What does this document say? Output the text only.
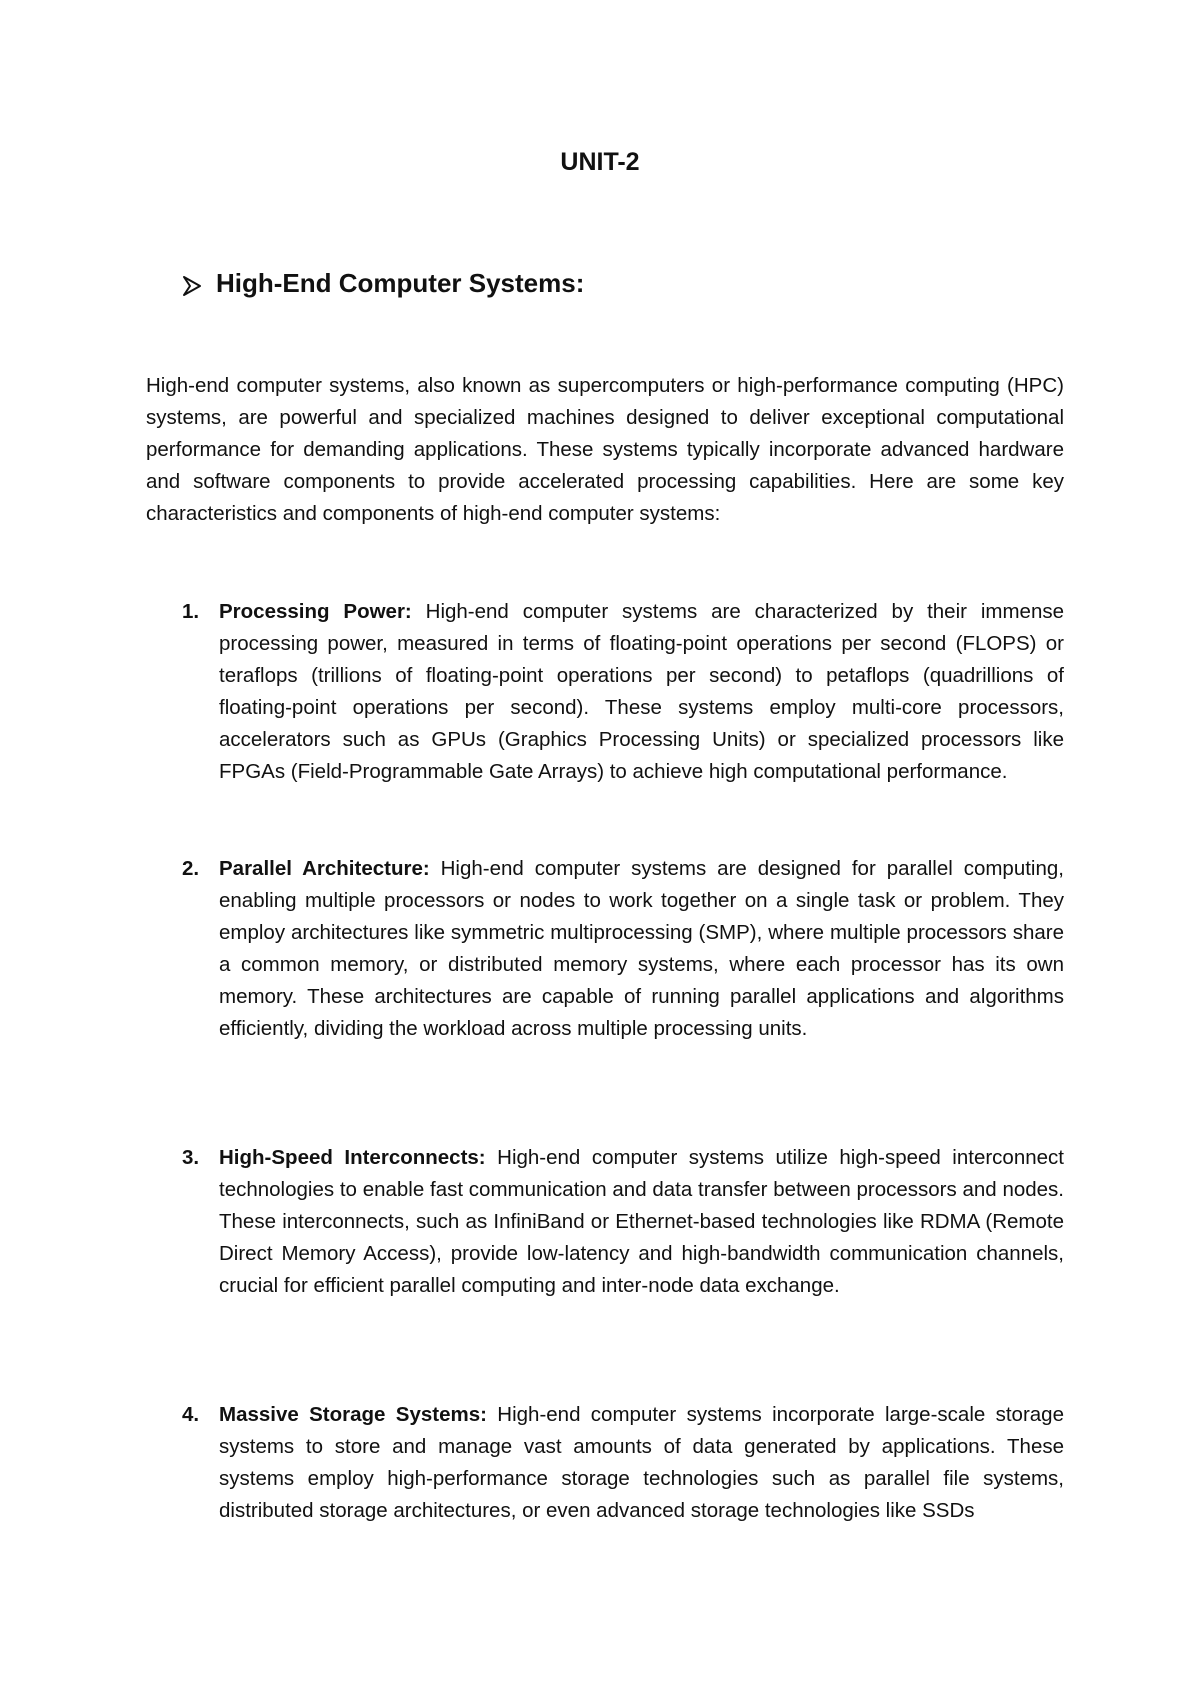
UNIT-2
High-End Computer Systems:
High-end computer systems, also known as supercomputers or high-performance computing (HPC) systems, are powerful and specialized machines designed to deliver exceptional computational performance for demanding applications. These systems typically incorporate advanced hardware and software components to provide accelerated processing capabilities. Here are some key characteristics and components of high-end computer systems:
1. Processing Power: High-end computer systems are characterized by their immense processing power, measured in terms of floating-point operations per second (FLOPS) or teraflops (trillions of floating-point operations per second) to petaflops (quadrillions of floating-point operations per second). These systems employ multi-core processors, accelerators such as GPUs (Graphics Processing Units) or specialized processors like FPGAs (Field-Programmable Gate Arrays) to achieve high computational performance.
2. Parallel Architecture: High-end computer systems are designed for parallel computing, enabling multiple processors or nodes to work together on a single task or problem. They employ architectures like symmetric multiprocessing (SMP), where multiple processors share a common memory, or distributed memory systems, where each processor has its own memory. These architectures are capable of running parallel applications and algorithms efficiently, dividing the workload across multiple processing units.
3. High-Speed Interconnects: High-end computer systems utilize high-speed interconnect technologies to enable fast communication and data transfer between processors and nodes. These interconnects, such as InfiniBand or Ethernet-based technologies like RDMA (Remote Direct Memory Access), provide low-latency and high-bandwidth communication channels, crucial for efficient parallel computing and inter-node data exchange.
4. Massive Storage Systems: High-end computer systems incorporate large-scale storage systems to store and manage vast amounts of data generated by applications. These systems employ high-performance storage technologies such as parallel file systems, distributed storage architectures, or even advanced storage technologies like SSDs
